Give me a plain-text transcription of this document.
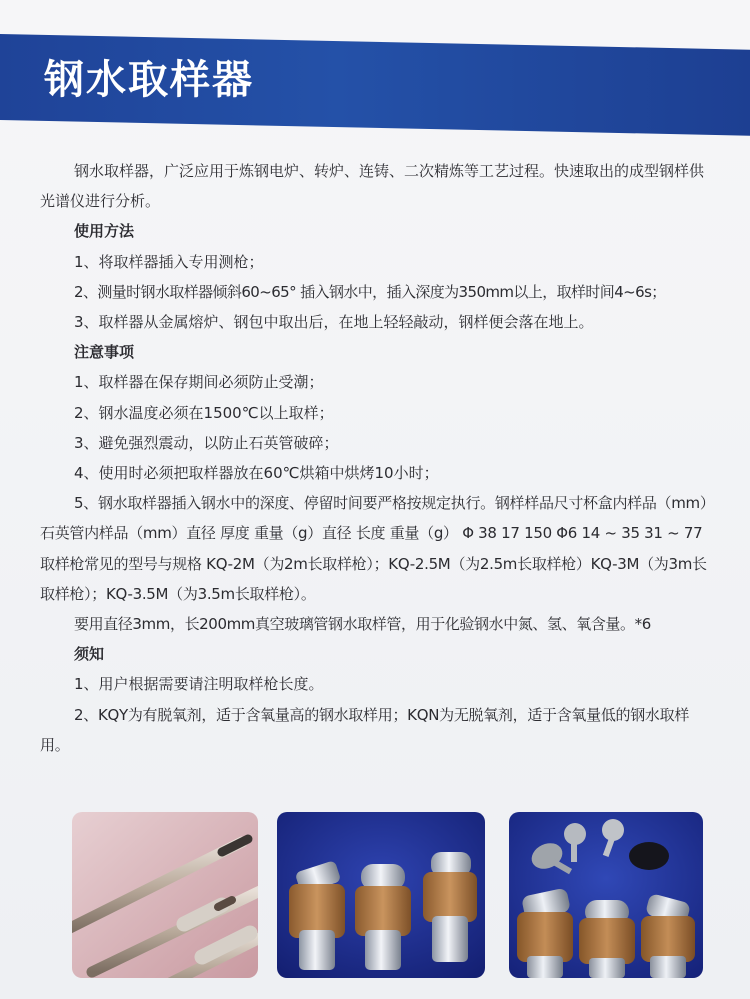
钢水取样器

钢水取样器，广泛应用于炼钢电炉、转炉、连铸、二次精炼等工艺过程。快速取出的成型钢样供光谱仪进行分析。

使用方法

1、将取样器插入专用测枪；

2、测量时钢水取样器倾斜60~65° 插入钢水中，插入深度为350mm以上，取样时间4~6s；

3、取样器从金属熔炉、钢包中取出后，在地上轻轻敲动，钢样便会落在地上。

注意事项

1、取样器在保存期间必须防止受潮；

2、钢水温度必须在1500℃以上取样；

3、避免强烈震动，以防止石英管破碎；

4、使用时必须把取样器放在60℃烘箱中烘烤10小时；

5、钢水取样器插入钢水中的深度、停留时间要严格按规定执行。钢样样品尺寸杯盒内样品（mm）石英管内样品（mm）直径 厚度 重量（g）直径 长度 重量（g） Φ 38 17 150 Φ6 14 ~ 35 31 ~ 77 取样枪常见的型号与规格 KQ-2M（为2m长取样枪）；KQ-2.5M（为2.5m长取样枪）KQ-3M（为3m长取样枪）；KQ-3.5M（为3.5m长取样枪）。

要用直径3mm，长200mm真空玻璃管钢水取样管，用于化验钢水中氮、氢、氧含量。*6

须知

1、用户根据需要请注明取样枪长度。

2、KQY为有脱氧剂，适于含氧量高的钢水取样用；KQN为无脱氧剂，适于含氧量低的钢水取样用。
